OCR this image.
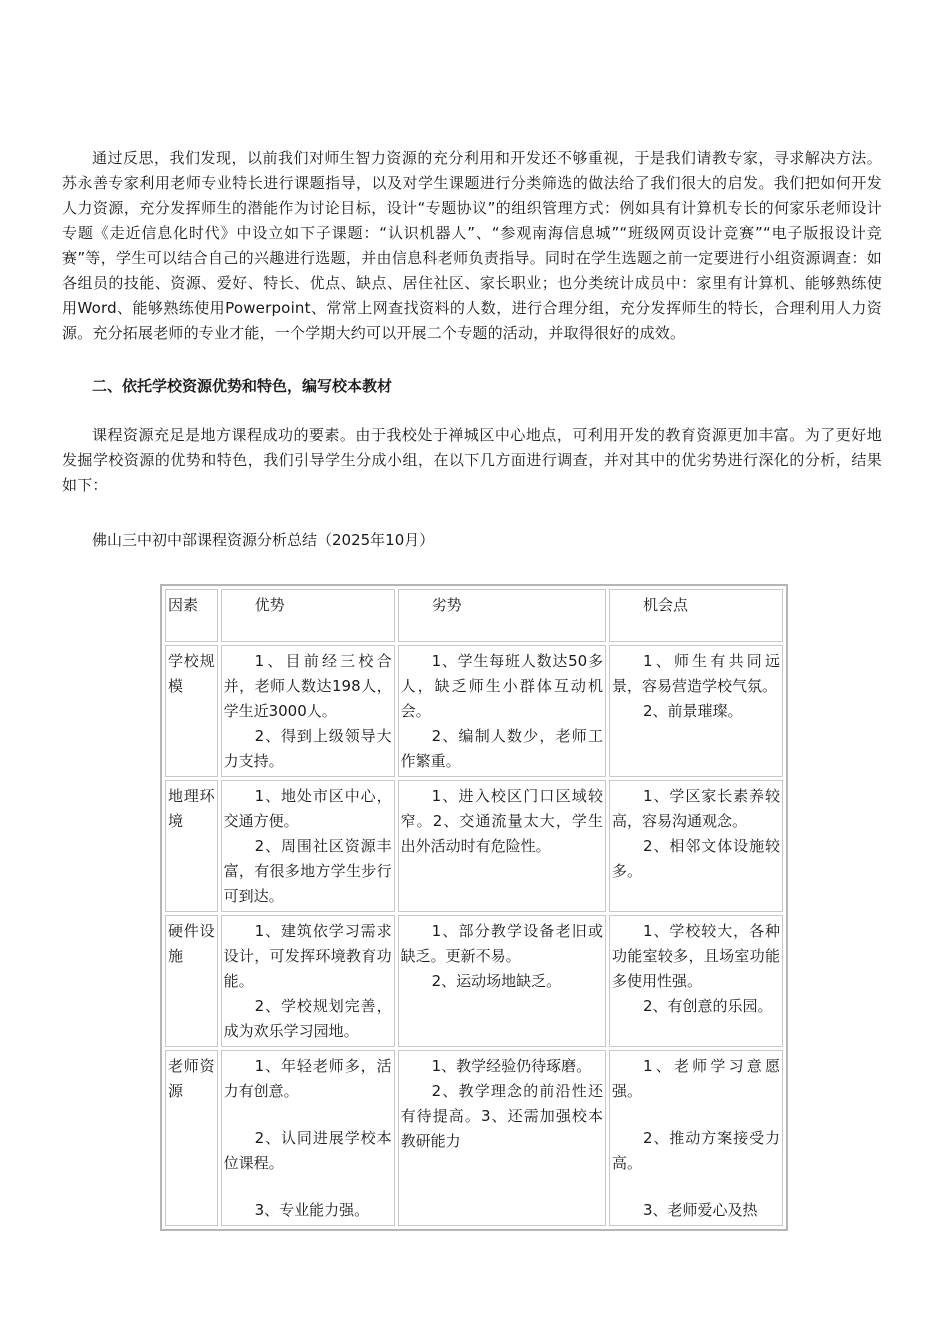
通过反思，我们发现，以前我们对师生智力资源的充分利用和开发还不够重视，于是我们请教专家，寻求解决方法。苏永善专家利用老师专业特长进行课题指导，以及对学生课题进行分类筛选的做法给了我们很大的启发。我们把如何开发人力资源，充分发挥师生的潜能作为讨论目标，设计“专题协议”的组织管理方式：例如具有计算机专长的何家乐老师设计专题《走近信息化时代》中设立如下子课题：“认识机器人”、“参观南海信息城”“班级网页设计竞赛”“电子版报设计竞赛”等，学生可以结合自己的兴趣进行选题，并由信息科老师负责指导。同时在学生选题之前一定要进行小组资源调查：如各组员的技能、资源、爱好、特长、优点、缺点、居住社区、家长职业；也分类统计成员中：家里有计算机、能够熟练使用Word、能够熟练使用Powerpoint、常常上网查找资料的人数，进行合理分组，充分发挥师生的特长，合理利用人力资源。充分拓展老师的专业才能，一个学期大约可以开展二个专题的活动，并取得很好的成效。

二、依托学校资源优势和特色，编写校本教材

课程资源充足是地方课程成功的要素。由于我校处于禅城区中心地点，可利用开发的教育资源更加丰富。为了更好地发掘学校资源的优势和特色，我们引导学生分成小组，在以下几方面进行调查，并对其中的优劣势进行深化的分析，结果如下：

佛山三中初中部课程资源分析总结（2025年10月）

因素	优势	劣势	机会点

学校规模	1、目前经三校合并，老师人数达198人，学生近3000人。
2、得到上级领导大力支持。	1、学生每班人数达50多人，缺乏师生小群体互动机会。
2、编制人数少，老师工作繁重。	1、师生有共同远景，容易营造学校气氛。
2、前景璀璨。

地理环境	1、地处市区中心，交通方便。
2、周围社区资源丰富，有很多地方学生步行可到达。	1、进入校区门口区域较窄。2、交通流量太大，学生出外活动时有危险性。	1、学区家长素养较高，容易沟通观念。
2、相邻文体设施较多。

硬件设施	1、建筑依学习需求设计，可发挥环境教育功能。
2、学校规划完善，成为欢乐学习园地。	1、部分教学设备老旧或缺乏。更新不易。
2、运动场地缺乏。	1、学校较大，各种功能室较多，且场室功能多使用性强。
2、有创意的乐园。

老师资源	1、年轻老师多，活力有创意。
2、认同进展学校本位课程。
3、专业能力强。	1、教学经验仍待琢磨。
2、教学理念的前沿性还有待提高。3、还需加强校本教研能力	1、老师学习意愿强。
2、推动方案接受力高。
3、老师爱心及热
